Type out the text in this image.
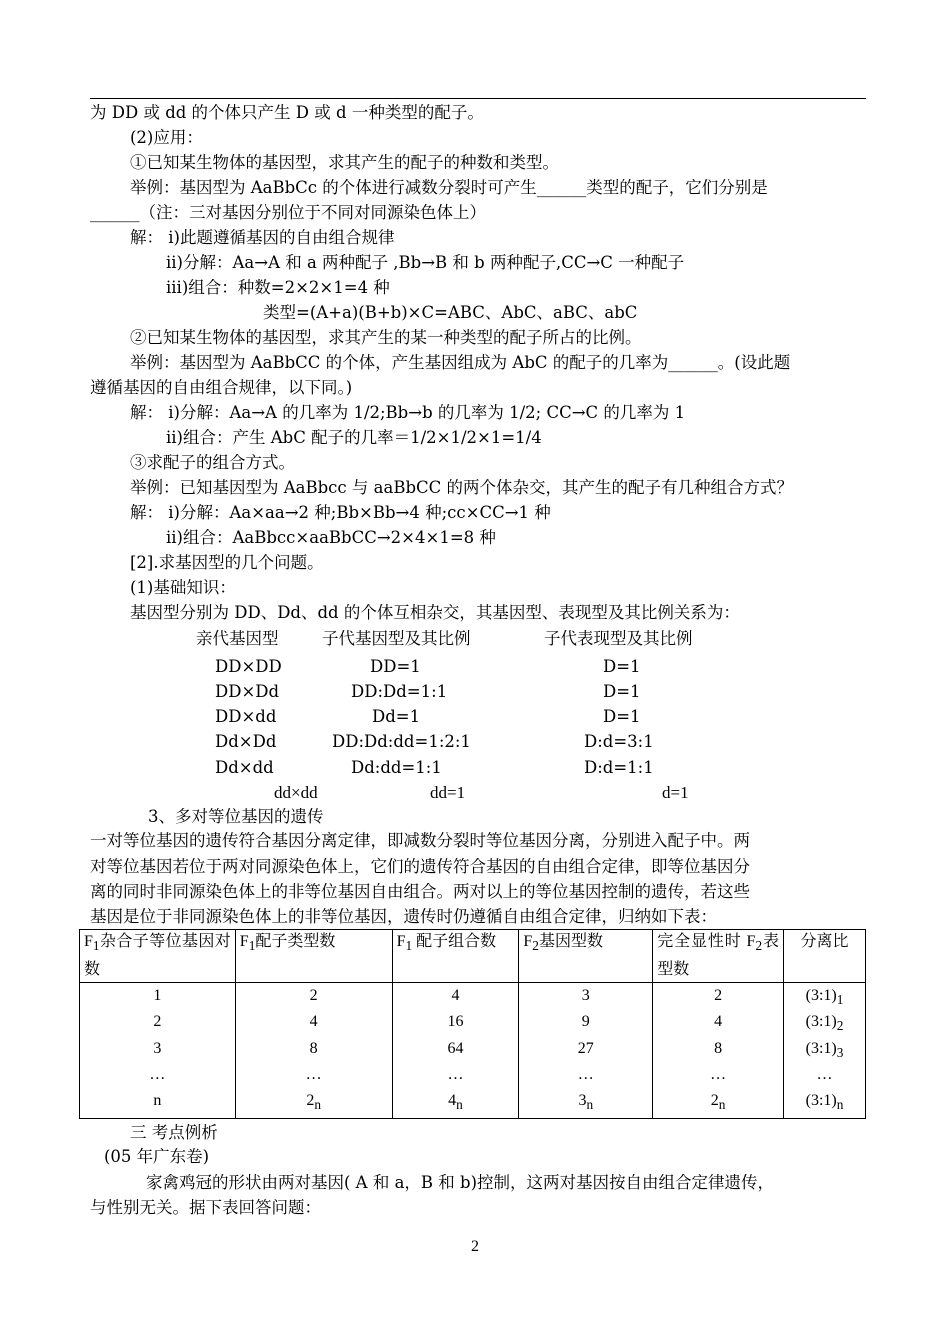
为 DD 或 dd 的个体只产生 D 或 d 一种类型的配子。
(2)应用：
①已知某生物体的基因型，求其产生的配子的种数和类型。
举例：基因型为 AaBbCc 的个体进行减数分裂时可产生______类型的配子，它们分别是
______（注：三对基因分别位于不同对同源染色体上）
解： i)此题遵循基因的自由组合规律
ii)分解：Aa→A 和 a 两种配子 ,Bb→B 和 b 两种配子,CC→C 一种配子
iii)组合：种数=2×2×1=4 种
类型=(A+a)(B+b)×C=ABC、AbC、aBC、abC
②已知某生物体的基因型，求其产生的某一种类型的配子所占的比例。
举例：基因型为 AaBbCC 的个体，产生基因组成为 AbC 的配子的几率为______。(设此题
遵循基因的自由组合规律，以下同。)
解： i)分解：Aa→A 的几率为 1/2;Bb→b 的几率为 1/2; CC→C 的几率为 1
ii)组合：产生 AbC 配子的几率＝1/2×1/2×1=1/4
③求配子的组合方式。
举例：已知基因型为 AaBbcc 与 aaBbCC 的两个体杂交，其产生的配子有几种组合方式？
解： i)分解：Aa×aa→2 种;Bb×Bb→4 种;cc×CC→1 种
ii)组合：AaBbcc×aaBbCC→2×4×1=8 种
[2].求基因型的几个问题。
(1)基础知识：
基因型分别为 DD、Dd、dd 的个体互相杂交，其基因型、表现型及其比例关系为：
亲代基因型	子代基因型及其比例	子代表现型及其比例
DD×DD	DD=1	D=1
DD×Dd	DD:Dd=1:1	D=1
DD×dd	Dd=1	D=1
Dd×Dd	DD:Dd:dd=1:2:1	D:d=3:1
Dd×dd	Dd:dd=1:1	D:d=1:1
dd×dd	dd=1	d=1
3、多对等位基因的遗传
一对等位基因的遗传符合基因分离定律，即减数分裂时等位基因分离，分别进入配子中。两
对等位基因若位于两对同源染色体上，它们的遗传符合基因的自由组合定律，即等位基因分
离的同时非同源染色体上的非等位基因自由组合。两对以上的等位基因控制的遗传，若这些
基因是位于非同源染色体上的非等位基因，遗传时仍遵循自由组合定律，归纳如下表：
$F_1$杂合子等位基因对数	$F_1$配子类型数	$F_1$ 配子组合数	$F_2$基因型数	完全显性时 $F_2$表型数	分离比
1	2	4	3	2	$(3:1)_1$
2	4	16	9	4	$(3:1)_2$
3	8	64	27	8	$(3:1)_3$
…	…	…	…	…	…
n	$2_n$	$4_n$	$3_n$	$2_n$	$(3:1)_n$
三 考点例析
(05 年广东卷)
家禽鸡冠的形状由两对基因( A 和 a，B 和 b)控制，这两对基因按自由组合定律遗传，
与性别无关。据下表回答问题：
2
